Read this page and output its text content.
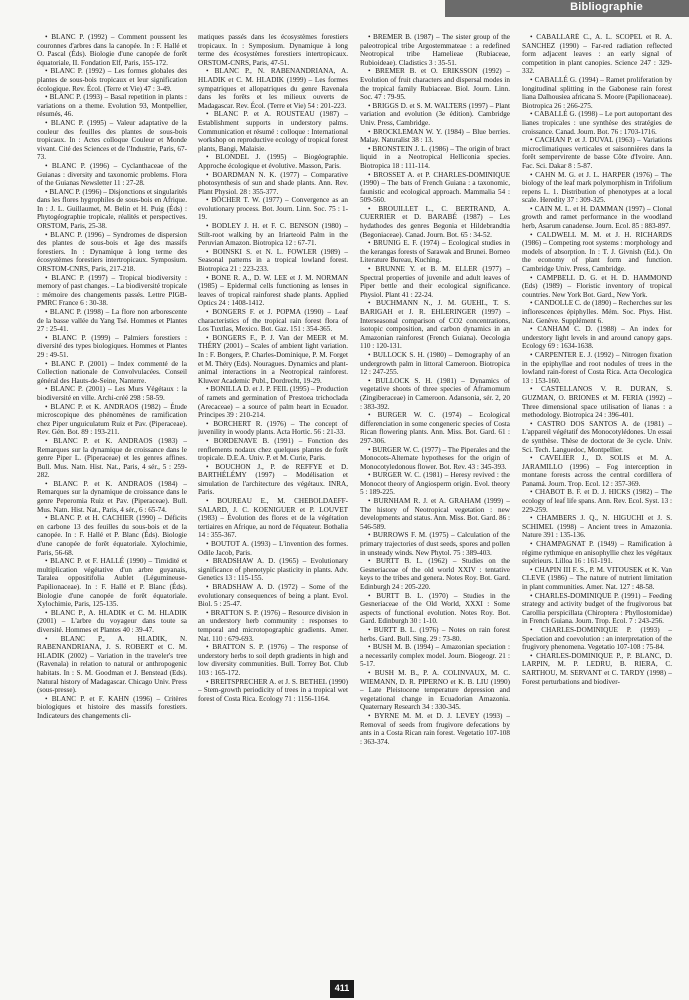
Bibliographie

• BLANC P. (1992) – Comment poussent les couronnes d'arbres dans la canopée. In : F. Hallé et O. Pascal (Éds). Biologie d'une canopée de forêt équatoriale, II. Fondation Elf, Paris, 155-172.

• BLANC P. (1992) – Les formes globales des plantes de sous-bois tropicaux et leur signification écologique. Rev. Écol. (Terre et Vie) 47 : 3-49.

• BLANC P. (1993) – Basal repetition in plants : variations on a theme. Evolution 93, Montpellier, résumés, 46.

• BLANC P. (1995) – Valeur adaptative de la couleur des feuilles des plantes de sous-bois tropicaux. In : Actes colloque Couleur et Monde vivant. Cité des Sciences et de l'Industrie, Paris, 67-73.

• BLANC P. (1996) – Cyclanthaceae of the Guianas : diversity and taxonomic problems. Flora of the Guianas Newsletter 11 : 27-28.

• BLANC P. (1996) – Disjonctions et singularités dans les flores hygrophiles de sous-bois en Afrique. In : J. L. Guillaumet, M. Belin et H. Puig (Éds) : Phytogéographie tropicale, réalités et perspectives. ORSTOM, Paris, 25-38.

• BLANC P. (1996) – Syndromes de dispersion des plantes de sous-bois et âge des massifs forestiers. In : Dynamique à long terme des écosystèmes forestiers intertropicaux. Symposium. ORSTOM-CNRS, Paris, 217-218.

• BLANC P. (1997) – Tropical biodiversity : memory of past changes. – La biodiversité tropicale : mémoire des changements passés. Lettre PIGB-PMRC France 6 : 30-38.

• BLANC P. (1998) – La flore non arborescente de la basse vallée du Yang Tsé. Hommes et Plantes 27 : 25-41.

• BLANC P. (1999) – Palmiers forestiers : diversité des types biologiques. Hommes et Plantes 29 : 49-51.

• BLANC P. (2001) – Index commenté de la Collection nationale de Convolvulacées. Conseil général des Hauts-de-Seine, Nanterre.

• BLANC P. (2001) – Les Murs Végétaux : la biodiversité en ville. Archi-créé 298 : 58-59.

• BLANC P. et K. ANDRAOS (1982) – Étude microscopique des phénomènes de ramification chez Piper unguiculatum Ruiz et Pav. (Piperaceae). Rev. Gén. Bot. 89 : 193-211.

• BLANC P. et K. ANDRAOS (1983) – Remarques sur la dynamique de croissance dans le genre Piper L. (Piperaceae) et les genres affines. Bull. Mus. Natn. Hist. Nat., Paris, 4 sér., 5 : 259-282.

• BLANC P. et K. ANDRAOS (1984) – Remarques sur la dynamique de croissance dans le genre Peperomia Ruiz et Pav. (Piperaceae). Bull. Mus. Natn. Hist. Nat., Paris, 4 sér., 6 : 65-74.

• BLANC P. et H. CACHIER (1990) – Déficits en carbone 13 des feuilles du sous-bois et de la canopée. In : F. Hallé et P. Blanc (Éds). Biologie d'une canopée de forêt équatoriale. Xylochimie, Paris, 56-68.

• BLANC P. et F. HALLÉ (1990) – Timidité et multiplication végétative d'un arbre guyanais, Taralea oppositifolia Aublet (Légumineuse-Papilionaceae). In : F. Hallé et P. Blanc (Éds). Biologie d'une canopée de forêt équatoriale. Xylochimie, Paris, 125-135.

• BLANC P., A. HLADIK et C. M. HLADIK (2001) – L'arbre du voyageur dans toute sa diversité. Hommes et Plantes 40 : 39-47.

• BLANC P., A. HLADIK, N. RABENANDRIANA, J. S. ROBERT et C. M. HLADIK (2002) – Variation in the traveler's tree (Ravenala) in relation to natural or anthropogenic habitats. In : S. M. Goodman et J. Benstead (Eds). Natural history of Madagascar. Chicago Univ. Press (sous-presse).

• BLANC P. et F. KAHN (1996) – Critères biologiques et histoire des massifs forestiers. Indicateurs des changements cli-

matiques passés dans les écosystèmes forestiers tropicaux. In : Symposium. Dynamique à long terme des écosystèmes forestiers intertropicaux. ORSTOM-CNRS, Paris, 47-51.

• BLANC P., N. RABENANDRIANA, A. HLADIK et C. M. HLADIK (1999) – Les formes sympatriques et allopatriques du genre Ravenala dans les forêts et les milieux ouverts de Madagascar. Rev. Écol. (Terre et Vie) 54 : 201-223.

• BLANC P. et A. ROUSTEAU (1987) – Establishment supports in understory palms. Communication et résumé : colloque : International workshop on reproductive ecology of tropical forest plants, Bangi, Malaisie.

• BLONDEL J. (1995) – Biogéographie. Approche écologique et évolutive. Masson, Paris.

• BOARDMAN N. K. (1977) – Comparative photosynthesis of sun and shade plants. Ann. Rev. Plant Physiol. 28 : 355-377.

• BÖCHER T. W. (1977) – Convergence as an evolutionary process. Bot. Journ. Linn. Soc. 75 : 1-19.

• BODLEY J. H. et F. C. BENSON (1980) – Stilt-root walking by an Iriarteoid Palm in the Peruvian Amazon. Biotropica 12 : 67-71.

• BOINSKI S. et N. L. FOWLER (1989) – Seasonal patterns in a tropical lowland forest. Biotropica 21 : 223-233.

• BONE R. A., D. W. LEE et J. M. NORMAN (1985) – Epidermal cells functioning as lenses in leaves of tropical rainforest shade plants. Applied Optics 24 : 1408-1412.

• BONGERS F. et J. POPMA (1990) – Leaf characteristics of the tropical rain forest flora of Los Tuxtlas, Mexico. Bot. Gaz. 151 : 354-365.

• BONGERS F., P. J. Van der MEER et M. THÉRY (2001) – Scales of ambient light variation. In : F. Bongers, P. Charles-Dominique, P. M. Forget et M. Théry (Eds). Nouragues. Dynamics and plant-animal interactions in a Neotropical rainforest. Kluwer Academic Publ., Dordrecht, 19-29.

• BONILLA D. et J. P. FEIL (1995) – Production of ramets and germination of Prestoea trichoclada (Arecaceae) – a source of palm heart in Ecuador. Principes 39 : 210-214.

• BORCHERT R. (1976) – The concept of juvenility in woody plants. Acta Hortic. 56 : 21-33.

• BORDENAVE B. (1991) – Fonction des renflements nodaux chez quelques plantes de forêt tropicale. D.E.A. Univ. P. et M. Curie, Paris.

• BOUCHON J., P. de REFFYE et D. BARTHÉLÉMY (1997) – Modélisation et simulation de l'architecture des végétaux. INRA, Paris.

• BOUREAU E., M. CHEBOLDAEFF-SALARD, J. C. KOENIGUER et P. LOUVET (1983) – Évolution des flores et de la végétation tertiaires en Afrique, au nord de l'équateur. Bothalia 14 : 355-367.

• BOUTOT A. (1993) – L'invention des formes. Odile Jacob, Paris.

• BRADSHAW A. D. (1965) – Evolutionary significance of phenotypic plasticity in plants. Adv. Genetics 13 : 115-155.

• BRADSHAW A. D. (1972) – Some of the evolutionary consequences of being a plant. Evol. Biol. 5 : 25-47.

• BRATTON S. P. (1976) – Resource division in an understory herb community : responses to temporal and microtopographic gradients. Amer. Nat. 110 : 679-693.

• BRATTON S. P. (1976) – The response of understory herbs to soil depth gradients in high and low diversity communities. Bull. Torrey Bot. Club 103 : 165-172.

• BREITSPRECHER A. et J. S. BETHEL (1990) – Stem-growth periodicity of trees in a tropical wet forest of Costa Rica. Ecology 71 : 1156-1164.

• BREMER B. (1987) – The sister group of the paleotropical tribe Argostemmateae : a redefined Neotropical tribe Hamelieae (Rubiaceae, Rubioideae). Cladistics 3 : 35-51.

• BREMER B. et O. ERIKSSON (1992) – Evolution of fruit characters and dispersal modes in the tropical family Rubiaceae. Biol. Journ. Linn. Soc. 47 : 79-95.

• BRIGGS D. et S. M. WALTERS (1997) – Plant variation and evolution (3e édition). Cambridge Univ. Press, Cambridge.

• BROCKLEMAN W. Y. (1984) – Blue berries. Malay. Naturalist 38 : 13.

• BRONSTEIN J. L. (1986) – The origin of bract liquid in a Neotropical Helliconia species. Biotropica 18 : 111-114.

• BROSSET A. et P. CHARLES-DOMINIQUE (1990) – The bats of French Guiana : a taxonomic, faunistic and ecological approach. Mammalia 54 : 509-560.

• BROUILLET L., C. BERTRAND, A. CUERRIER et D. BARABÉ (1987) – Les hydathodes des genres Begonia et Hildebrandtia (Begoniaceae). Canad. Journ. Bot. 65 : 34-52.

• BRUNIG E. F. (1974) – Ecological studies in the kerangas forests of Sarawak and Brunei. Borneo Literature Bureau, Kuching.

• BRUNNE Y. et B. M. ELLER (1977) – Spectral properties of juvenile and adult leaves of Piper bettle and their ecological significance. Physiol. Plant 41 : 22-24.

• BUCHMANN N., J. M. GUEHL, T. S. BARIGAH et J. R. EHLERINGER (1997) – Interseasonal comparison of CO2 concentrations, isotopic composition, and carbon dynamics in an Amazonian rainforest (French Guiana). Oecologia 110 : 120-131.

• BULLOCK S. H. (1980) – Demography of an undergrowth palm in littoral Cameroon. Biotropica 12 : 247-255.

• BULLOCK S. H. (1981) – Dynamics of vegetative shoots of three species of Aframomum (Zingiberaceae) in Cameroon. Adansonia, sér. 2, 20 : 383-392.

• BURGER W. C. (1974) – Ecological differenciation in some congeneric species of Costa Rican flowering plants. Ann. Miss. Bot. Gard. 61 : 297-306.

• BURGER W. C. (1977) – The Piperales and the Monocots-Alternate hypotheses for the origin of Monocotyledonous flower. Bot. Rev. 43 : 345-393.

• BURGER W. C. (1981) – Heresy revived : the Monocot theory of Angiosperm origin. Evol. theory 5 : 189-225.

• BURNHAM R. J. et A. GRAHAM (1999) – The history of Neotropical vegetation : new developments and status. Ann. Miss. Bot. Gard. 86 : 546-589.

• BURROWS F. M. (1975) – Calculation of the primary trajectories of dust seeds, spores and pollen in unsteady winds. New Phytol. 75 : 389-403.

• BURTT B. L. (1962) – Studies on the Gesneriaceae of the old world XXIV : tentative keys to the tribes and genera. Notes Roy. Bot. Gard. Edinburgh 24 : 205-220.

• BURTT B. L. (1970) – Studies in the Gesneriaceae of the Old World, XXXI : Some aspects of functional evolution. Notes Roy. Bot. Gard. Edinburgh 30 : 1-10.

• BURTT B. L. (1976) – Notes on rain forest herbs. Gard. Bull. Sing. 29 : 73-80.

• BUSH M. B. (1994) – Amazonian speciation : a necessarily complex model. Journ. Biogeogr. 21 : 5-17.

• BUSH M. B., P. A. COLINVAUX, M. C. WIEMANN, D. R. PIPERNO et K. B. LIU (1990) – Late Pleistocene temperature depression and vegetational change in Ecuadorian Amazonia. Quaternary Research 34 : 330-345.

• BYRNE M. M. et D. J. LEVEY (1993) – Removal of seeds from frugivore defecations by ants in a Costa Rican rain forest. Vegetatio 107-108 : 363-374.

• CABALLARÉ C., A. L. SCOPEL et R. A. SANCHEZ (1990) – Far-red radiation reflected form adjacent leaves : an early signal of competition in plant canopies. Science 247 : 329-332.

• CABALLÉ G. (1994) – Ramet proliferation by longitudinal splitting in the Gabonese rain forest liana Dalhousiea africana S. Moore (Papilionaceae). Biotropica 26 : 266-275.

• CABALLÉ G. (1998) – Le port autoportant des lianes tropicales : une synthèse des stratégies de croissance. Canad. Journ. Bot. 76 : 1703-1716.

• CACHAN P. et J. DUVAL (1963) – Variations microclimatiques verticales et saisonnières dans la forêt sempervirente de basse Côte d'Ivoire. Ann. Fac. Sci. Dakar 8 : 5-87.

• CAHN M. G. et J. L. HARPER (1976) – The biology of the leaf mark polymorphism in Trifolium repens L. 1. Distribution of phenotypes at a local scale. Heredity 37 : 309-325.

• CAIN M. L. et H. DAMMAN (1997) – Clonal growth and ramet performance in the woodland herb, Asarum canadense. Journ. Ecol. 85 : 883-897.

• CALDWELL M. M. et J. H. RICHARDS (1986) – Competing root systems : morphology and models of absorption. In : T. J. Givnish (Ed.). On the economy of plant form and function. Cambridge Univ. Press, Cambridge.

• CAMPBELL D. G. et H. D. HAMMOND (Eds) (1989) – Floristic inventory of tropical countries. New York Bot. Gard., New York.

• CANDOLLE C. de (1890) – Recherches sur les inflorescences épiphylles. Mém. Soc. Phys. Hist. Nat. Genève. Supplément 6.

• CANHAM C. D. (1988) – An index for understory light levels in and around canopy gaps. Ecology 69 : 1634-1638.

• CARPENTER E. J. (1992) – Nitrogen fixation in the epiphyllae and root nodules of trees in the lowland rain-forest of Costa Rica. Acta Oecologica 13 : 153-160.

• CASTELLANOS V. R. DURAN, S. GUZMAN, O. BRIONES et M. FERIA (1992) – Three dimensional space utilisation of lianas : a methodology. Biotropica 24 : 396-401.

• CASTRO DOS SANTOS A. de (1981) – L'appareil végétatif des Monocotylédones. Un essai de synthèse. Thèse de doctorat de 3e cycle. Univ. Sci. Tech. Languedoc, Montpellier.

• CAVELIER J., D. SOLIS et M. A. JARAMILLO (1996) – Fog interception in montane forests across the central cordillera of Panamá. Journ. Trop. Ecol. 12 : 357-369.

• CHABOT B. F. et D. J. HICKS (1982) – The ecology of leaf life spans. Ann. Rev. Ecol. Syst. 13 : 229-259.

• CHAMBERS J. Q., N. HIGUCHI et J. S. SCHIMEL (1998) – Ancient trees in Amazonia. Nature 391 : 135-136.

• CHAMPAGNAT P. (1949) – Ramification à régime rythmique en anisophyllie chez les végétaux supérieurs. Lilloa 16 : 161-191.

• CHAPIN III F. S., P. M. VITOUSEK et K. Van CLEVE (1986) – The nature of nutrient limitation in plant communities. Amer. Nat. 127 : 48-58.

• CHARLES-DOMINIQUE P. (1991) – Feeding strategy and activity budget of the frugivorous bat Carollia perspicillata (Chiroptera : Phyllostomidae) in French Guiana. Journ. Trop. Ecol. 7 : 243-256.

• CHARLES-DOMINIQUE P. (1993) – Speciation and coevolution : an interpretation of the frugivory phenomena. Vegetatio 107-108 : 75-84.

• CHARLES-DOMINIQUE P., P. BLANC, D. LARPIN, M. P. LEDRU, B. RIERA, C. SARTHOU, M. SERVANT et C. TARDY (1998) – Forest perturbations and biodiver-

411
